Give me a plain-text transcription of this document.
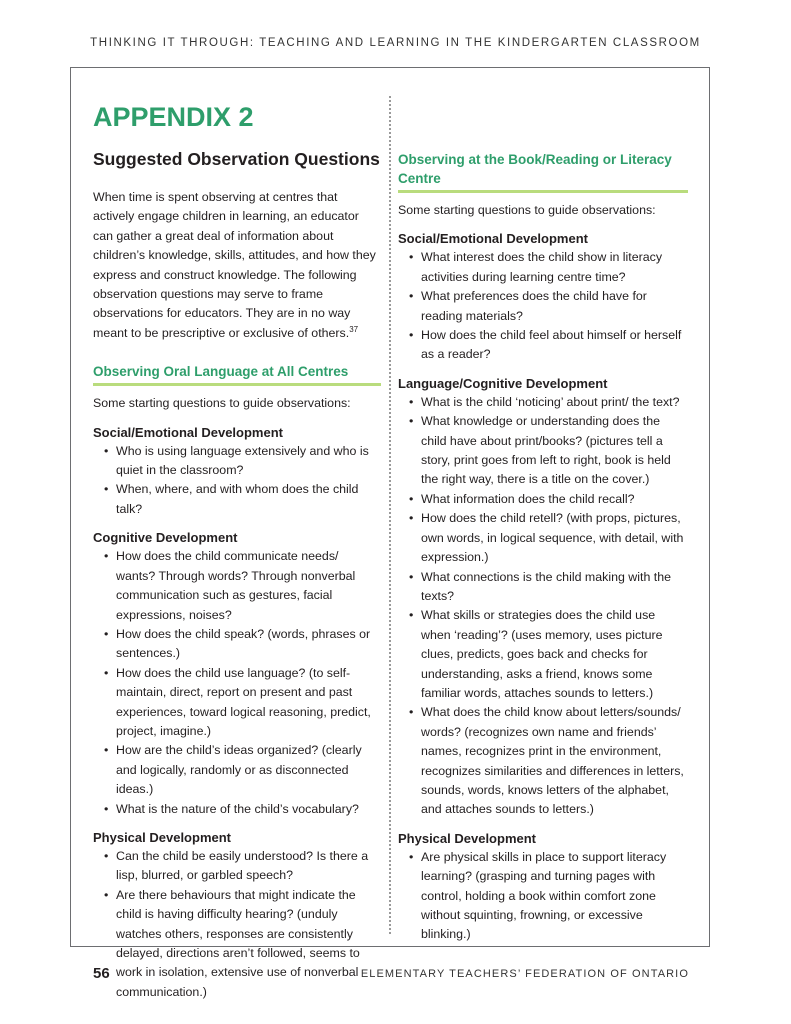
THINKING IT THROUGH: TEACHING AND LEARNING IN THE KINDERGARTEN CLASSROOM
APPENDIX 2
Suggested Observation Questions

When time is spent observing at centres that actively engage children in learning, an educator can gather a great deal of information about children’s knowledge, skills, attitudes, and how they express and construct knowledge. The following observation questions may serve to frame observations for educators. They are in no way meant to be prescriptive or exclusive of others.$^{37}$

Observing Oral Language at All Centres

Some starting questions to guide observations:

Social/Emotional Development
• Who is using language extensively and who is quiet in the classroom?
• When, where, and with whom does the child talk?
Cognitive Development
• How does the child communicate needs/ wants? Through words? Through nonverbal communication such as gestures, facial expressions, noises?
• How does the child speak? (words, phrases or sentences.)
• How does the child use language? (to self-maintain, direct, report on present and past experiences, toward logical reasoning, predict, project, imagine.)
• How are the child’s ideas organized? (clearly and logically, randomly or as disconnected ideas.)
• What is the nature of the child’s vocabulary?
Physical Development
• Can the child be easily understood? Is there a lisp, blurred, or garbled speech?
• Are there behaviours that might indicate the child is having difficulty hearing? (unduly watches others, responses are consistently delayed, directions aren’t followed, seems to work in isolation, extensive use of nonverbal communication.)
Observing at the Book/Reading or Literacy Centre

Some starting questions to guide observations:

Social/Emotional Development
• What interest does the child show in literacy activities during learning centre time?
• What preferences does the child have for reading materials?
• How does the child feel about himself or herself as a reader?
Language/Cognitive Development
• What is the child ‘noticing’ about print/ the text?
• What knowledge or understanding does the child have about print/books? (pictures tell a story, print goes from left to right, book is held the right way, there is a title on the cover.)
• What information does the child recall?
• How does the child retell? (with props, pictures, own words, in logical sequence, with detail, with expression.)
• What connections is the child making with the texts?
• What skills or strategies does the child use when ‘reading’? (uses memory, uses picture clues, predicts, goes back and checks for understanding, asks a friend, knows some familiar words, attaches sounds to letters.)
• What does the child know about letters/sounds/ words? (recognizes own name and friends’ names, recognizes print in the environment, recognizes similarities and differences in letters, sounds, words, knows letters of the alphabet, and attaches sounds to letters.)
Physical Development
• Are physical skills in place to support literacy learning? (grasping and turning pages with control, holding a book within comfort zone without squinting, frowning, or excessive blinking.)
56	ELEMENTARY TEACHERS’ FEDERATION OF ONTARIO
